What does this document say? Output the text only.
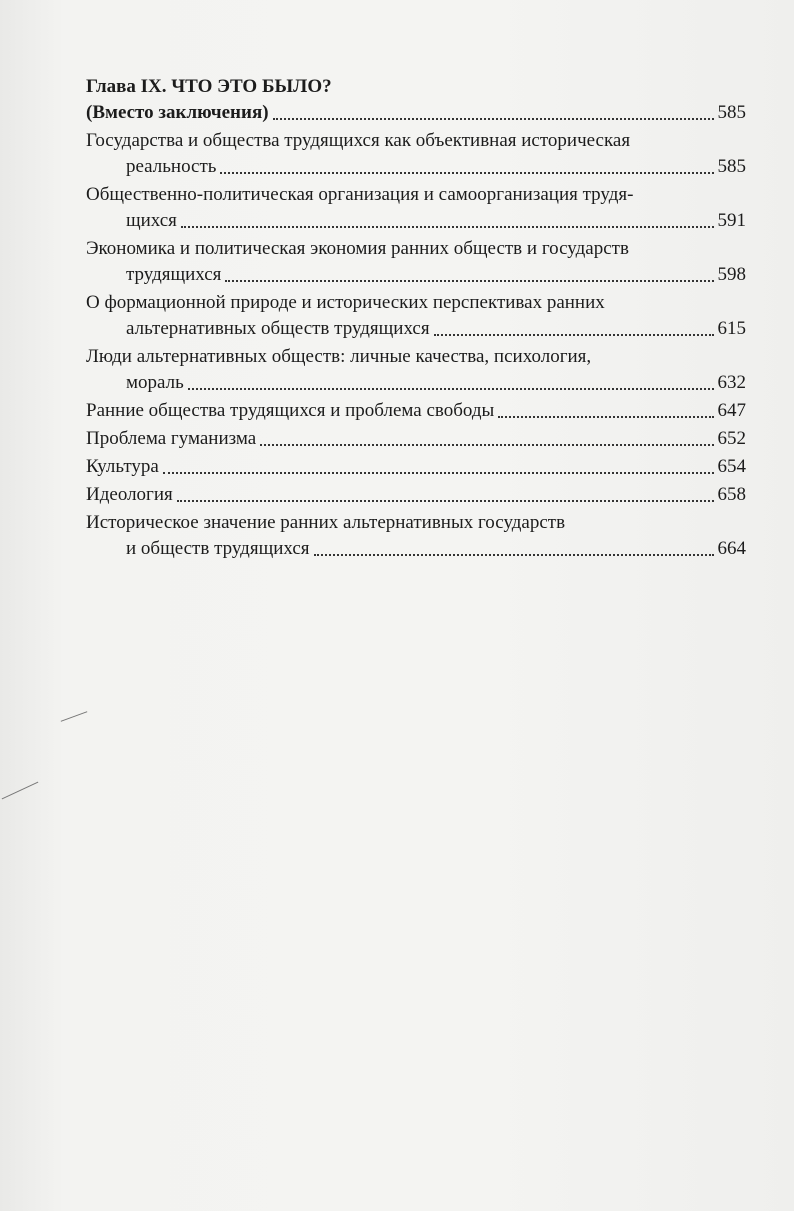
Глава IX. ЧТО ЭТО БЫЛО?
(Вместо заключения)	585
Государства и общества трудящихся как объективная историческая
реальность	585
Общественно-политическая организация и самоорганизация трудя-
щихся	591
Экономика и политическая экономия ранних обществ и государств
трудящихся	598
О формационной природе и исторических перспективах ранних
альтернативных обществ трудящихся	615
Люди альтернативных обществ: личные качества, психология,
мораль	632
Ранние общества трудящихся и проблема свободы	647
Проблема гуманизма	652
Культура	654
Идеология	658
Историческое значение ранних альтернативных государств
и обществ трудящихся	664
